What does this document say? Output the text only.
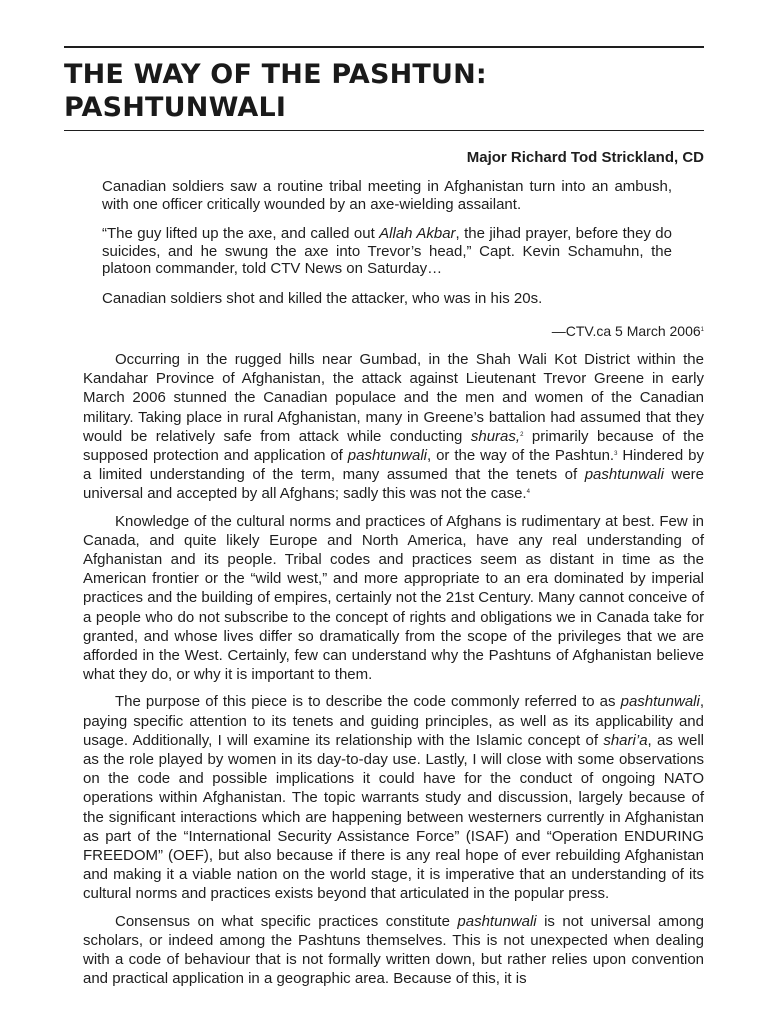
THE WAY OF THE PASHTUN:
PASHTUNWALI

Major Richard Tod Strickland, CD

Canadian soldiers saw a routine tribal meeting in Afghanistan turn into an ambush, with one officer critically wounded by an axe-wielding assailant.

“The guy lifted up the axe, and called out Allah Akbar, the jihad prayer, before they do suicides, and he swung the axe into Trevor’s head,” Capt. Kevin Schamuhn, the platoon commander, told CTV News on Saturday…

Canadian soldiers shot and killed the attacker, who was in his 20s.

—CTV.ca 5 March 2006$^1$

Occurring in the rugged hills near Gumbad, in the Shah Wali Kot District within the Kandahar Province of Afghanistan, the attack against Lieutenant Trevor Greene in early March 2006 stunned the Canadian populace and the men and women of the Canadian military. Taking place in rural Afghanistan, many in Greene’s battalion had assumed that they would be relatively safe from attack while conducting shuras,$^2$ primarily because of the supposed protection and application of pashtunwali, or the way of the Pashtun.$^3$ Hindered by a limited understanding of the term, many assumed that the tenets of pashtunwali were universal and accepted by all Afghans; sadly this was not the case.$^4$

Knowledge of the cultural norms and practices of Afghans is rudimentary at best. Few in Canada, and quite likely Europe and North America, have any real understanding of Afghanistan and its people. Tribal codes and practices seem as distant in time as the American frontier or the “wild west,” and more appropriate to an era dominated by imperial practices and the building of empires, certainly not the 21st Century. Many cannot conceive of a people who do not subscribe to the concept of rights and obligations we in Canada take for granted, and whose lives differ so dramatically from the scope of the privileges that we are afforded in the West. Certainly, few can understand why the Pashtuns of Afghanistan believe what they do, or why it is important to them.

The purpose of this piece is to describe the code commonly referred to as pashtunwali, paying specific attention to its tenets and guiding principles, as well as its applicability and usage. Additionally, I will examine its relationship with the Islamic concept of shari’a, as well as the role played by women in its day-to-day use. Lastly, I will close with some observations on the code and possible implications it could have for the conduct of ongoing NATO operations within Afghanistan. The topic warrants study and discussion, largely because of the significant interactions which are happening between westerners currently in Afghanistan as part of the “International Security Assistance Force” (ISAF) and “Operation ENDURING FREEDOM” (OEF), but also because if there is any real hope of ever rebuilding Afghanistan and making it a viable nation on the world stage, it is imperative that an understanding of its cultural norms and practices exists beyond that articulated in the popular press.

Consensus on what specific practices constitute pashtunwali is not universal among scholars, or indeed among the Pashtuns themselves. This is not unexpected when dealing with a code of behaviour that is not formally written down, but rather relies upon convention and practical application in a geographic area. Because of this, it is
